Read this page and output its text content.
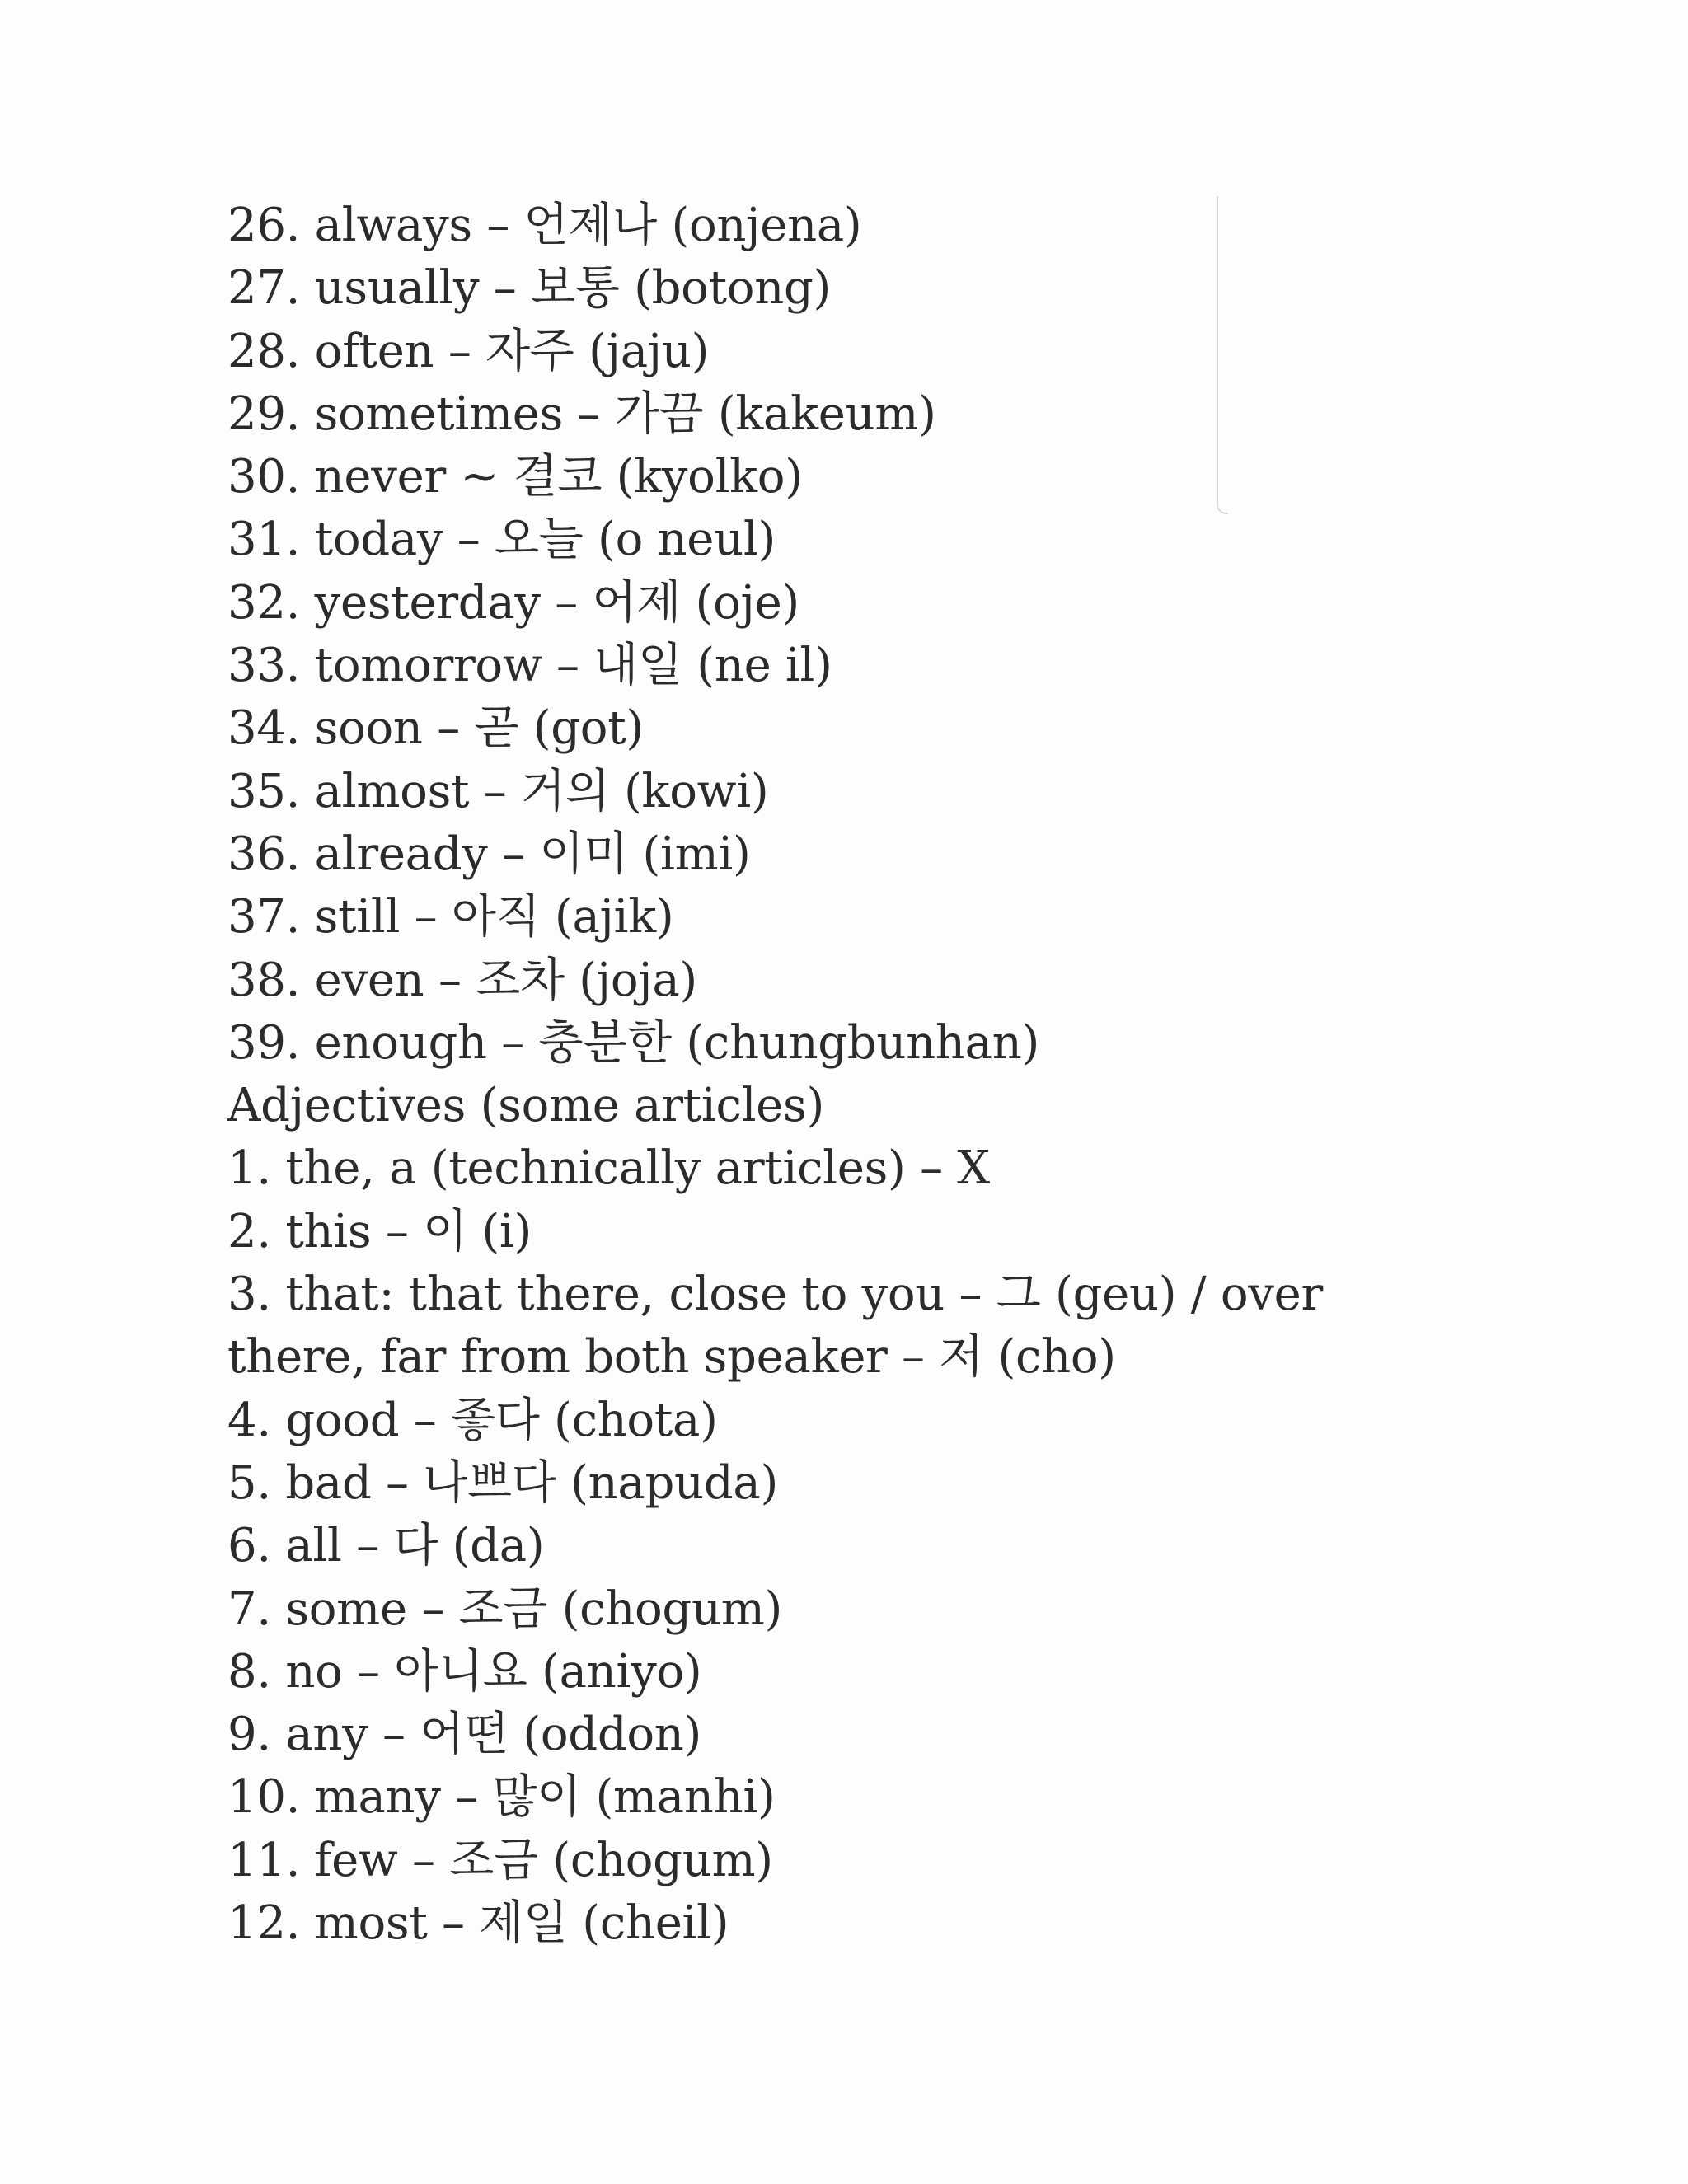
26. always – 언제나 (onjena)
27. usually – 보통 (botong)
28. often – 자주 (jaju)
29. sometimes – 가끔 (kakeum)
30. never ~ 결코 (kyolko)
31. today – 오늘 (o neul)
32. yesterday – 어제 (oje)
33. tomorrow – 내일 (ne il)
34. soon – 곧 (got)
35. almost – 거의 (kowi)
36. already – 이미 (imi)
37. still – 아직 (ajik)
38. even – 조차 (joja)
39. enough – 충분한 (chungbunhan)
Adjectives (some articles)
1. the, a (technically articles) – X
2. this – 이 (i)
3. that: that there, close to you – 그 (geu) / over
there, far from both speaker – 저 (cho)
4. good – 좋다 (chota)
5. bad – 나쁘다 (napuda)
6. all – 다 (da)
7. some – 조금 (chogum)
8. no – 아니요 (aniyo)
9. any – 어떤 (oddon)
10. many – 많이 (manhi)
11. few – 조금 (chogum)
12. most – 제일 (cheil)
